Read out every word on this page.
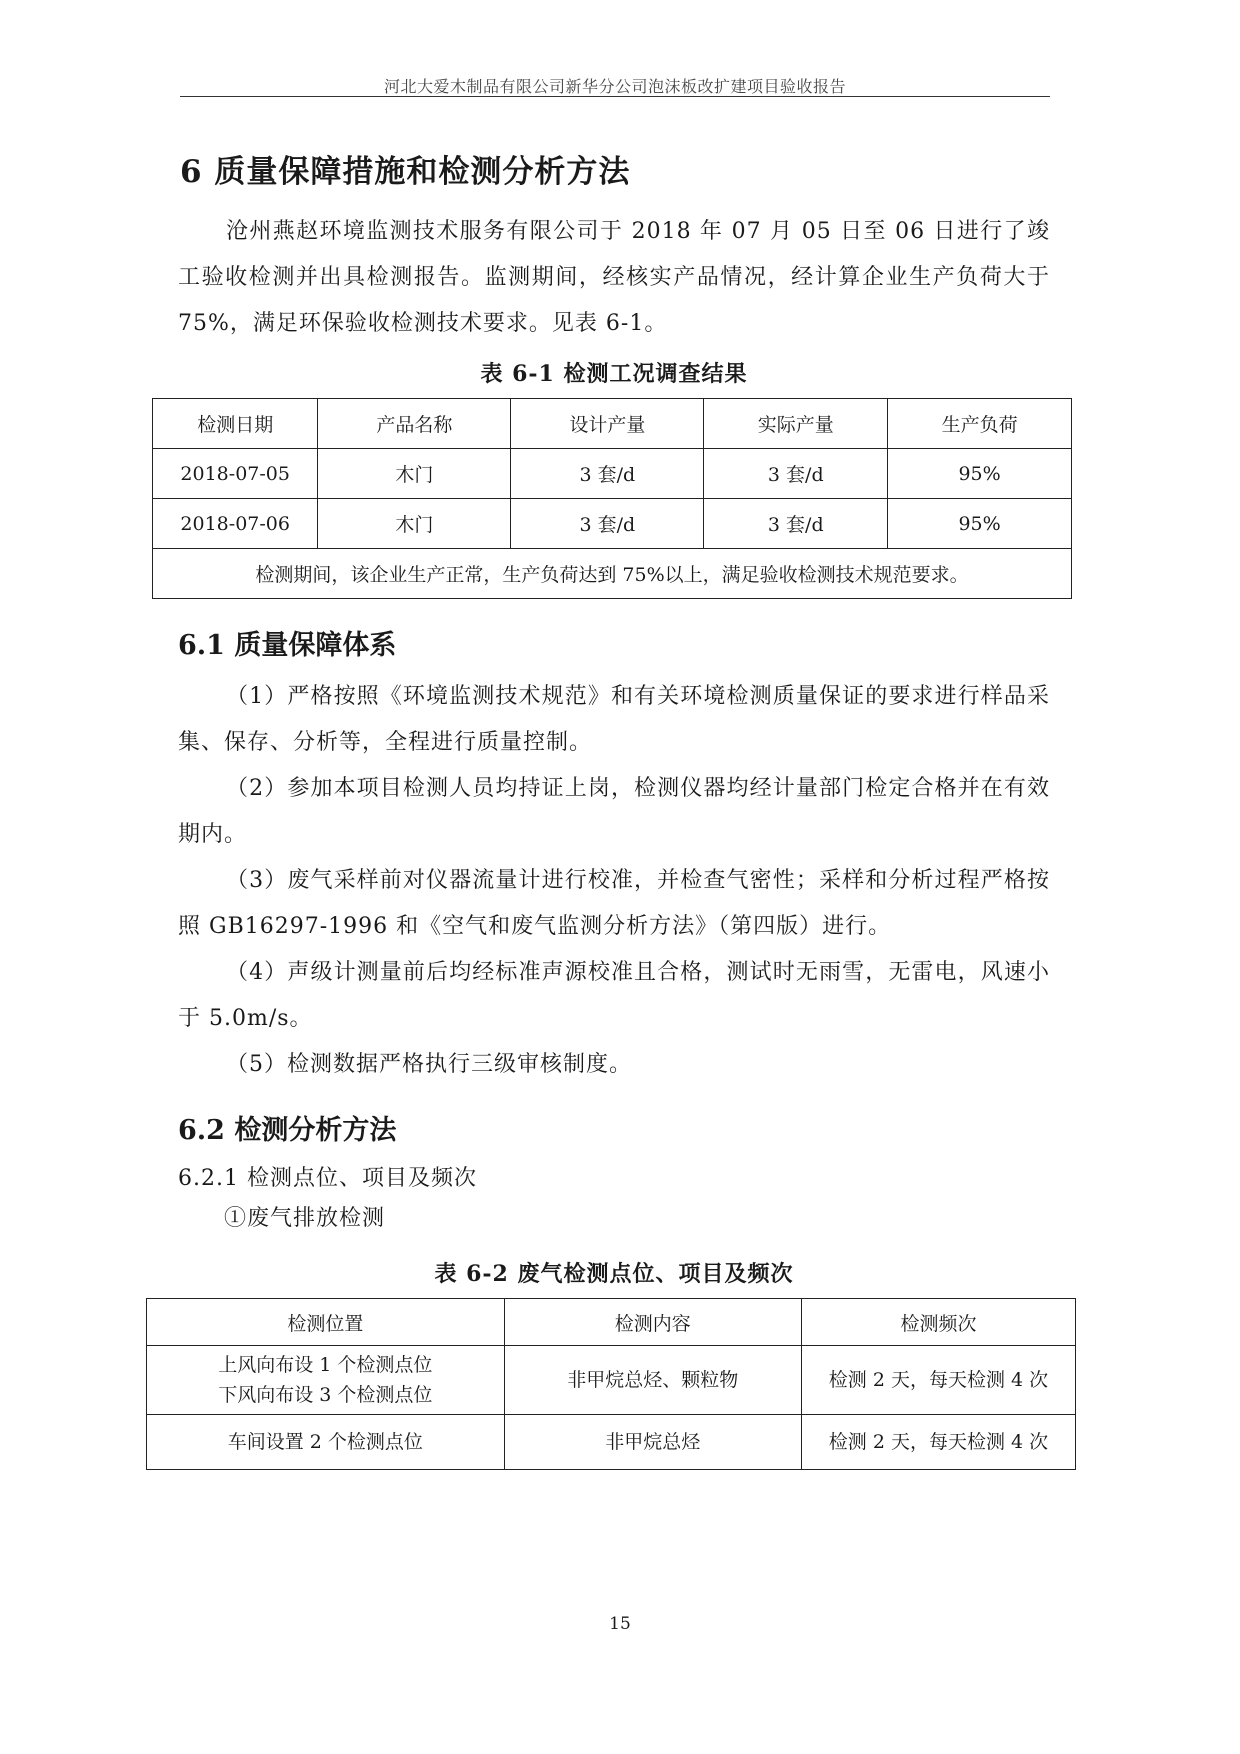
河北大爱木制品有限公司新华分公司泡沫板改扩建项目验收报告
6 质量保障措施和检测分析方法

沧州燕赵环境监测技术服务有限公司于 2018 年 07 月 05 日至 06 日进行了竣工验收检测并出具检测报告。监测期间，经核实产品情况，经计算企业生产负荷大于 75%，满足环保验收检测技术要求。见表 6-1。

表 6-1 检测工况调查结果
检测日期	产品名称	设计产量	实际产量	生产负荷
2018-07-05	木门	3 套/d	3 套/d	95%
2018-07-06	木门	3 套/d	3 套/d	95%
检测期间，该企业生产正常，生产负荷达到 75%以上，满足验收检测技术规范要求。				
6.1 质量保障体系

（1）严格按照《环境监测技术规范》和有关环境检测质量保证的要求进行样品采集、保存、分析等，全程进行质量控制。

（2）参加本项目检测人员均持证上岗，检测仪器均经计量部门检定合格并在有效期内。

（3）废气采样前对仪器流量计进行校准，并检查气密性；采样和分析过程严格按照 GB16297-1996 和《空气和废气监测分析方法》（第四版）进行。

（4）声级计测量前后均经标准声源校准且合格，测试时无雨雪，无雷电，风速小于 5.0m/s。

（5）检测数据严格执行三级审核制度。

6.2 检测分析方法
6.2.1 检测点位、项目及频次
①废气排放检测
表 6-2 废气检测点位、项目及频次
检测位置	检测内容	检测频次

上风向布设 1 个检测点位
下风向布设 3 个检测点位	非甲烷总烃、颗粒物	检测 2 天，每天检测 4 次
车间设置 2 个检测点位	非甲烷总烃	检测 2 天，每天检测 4 次
15
